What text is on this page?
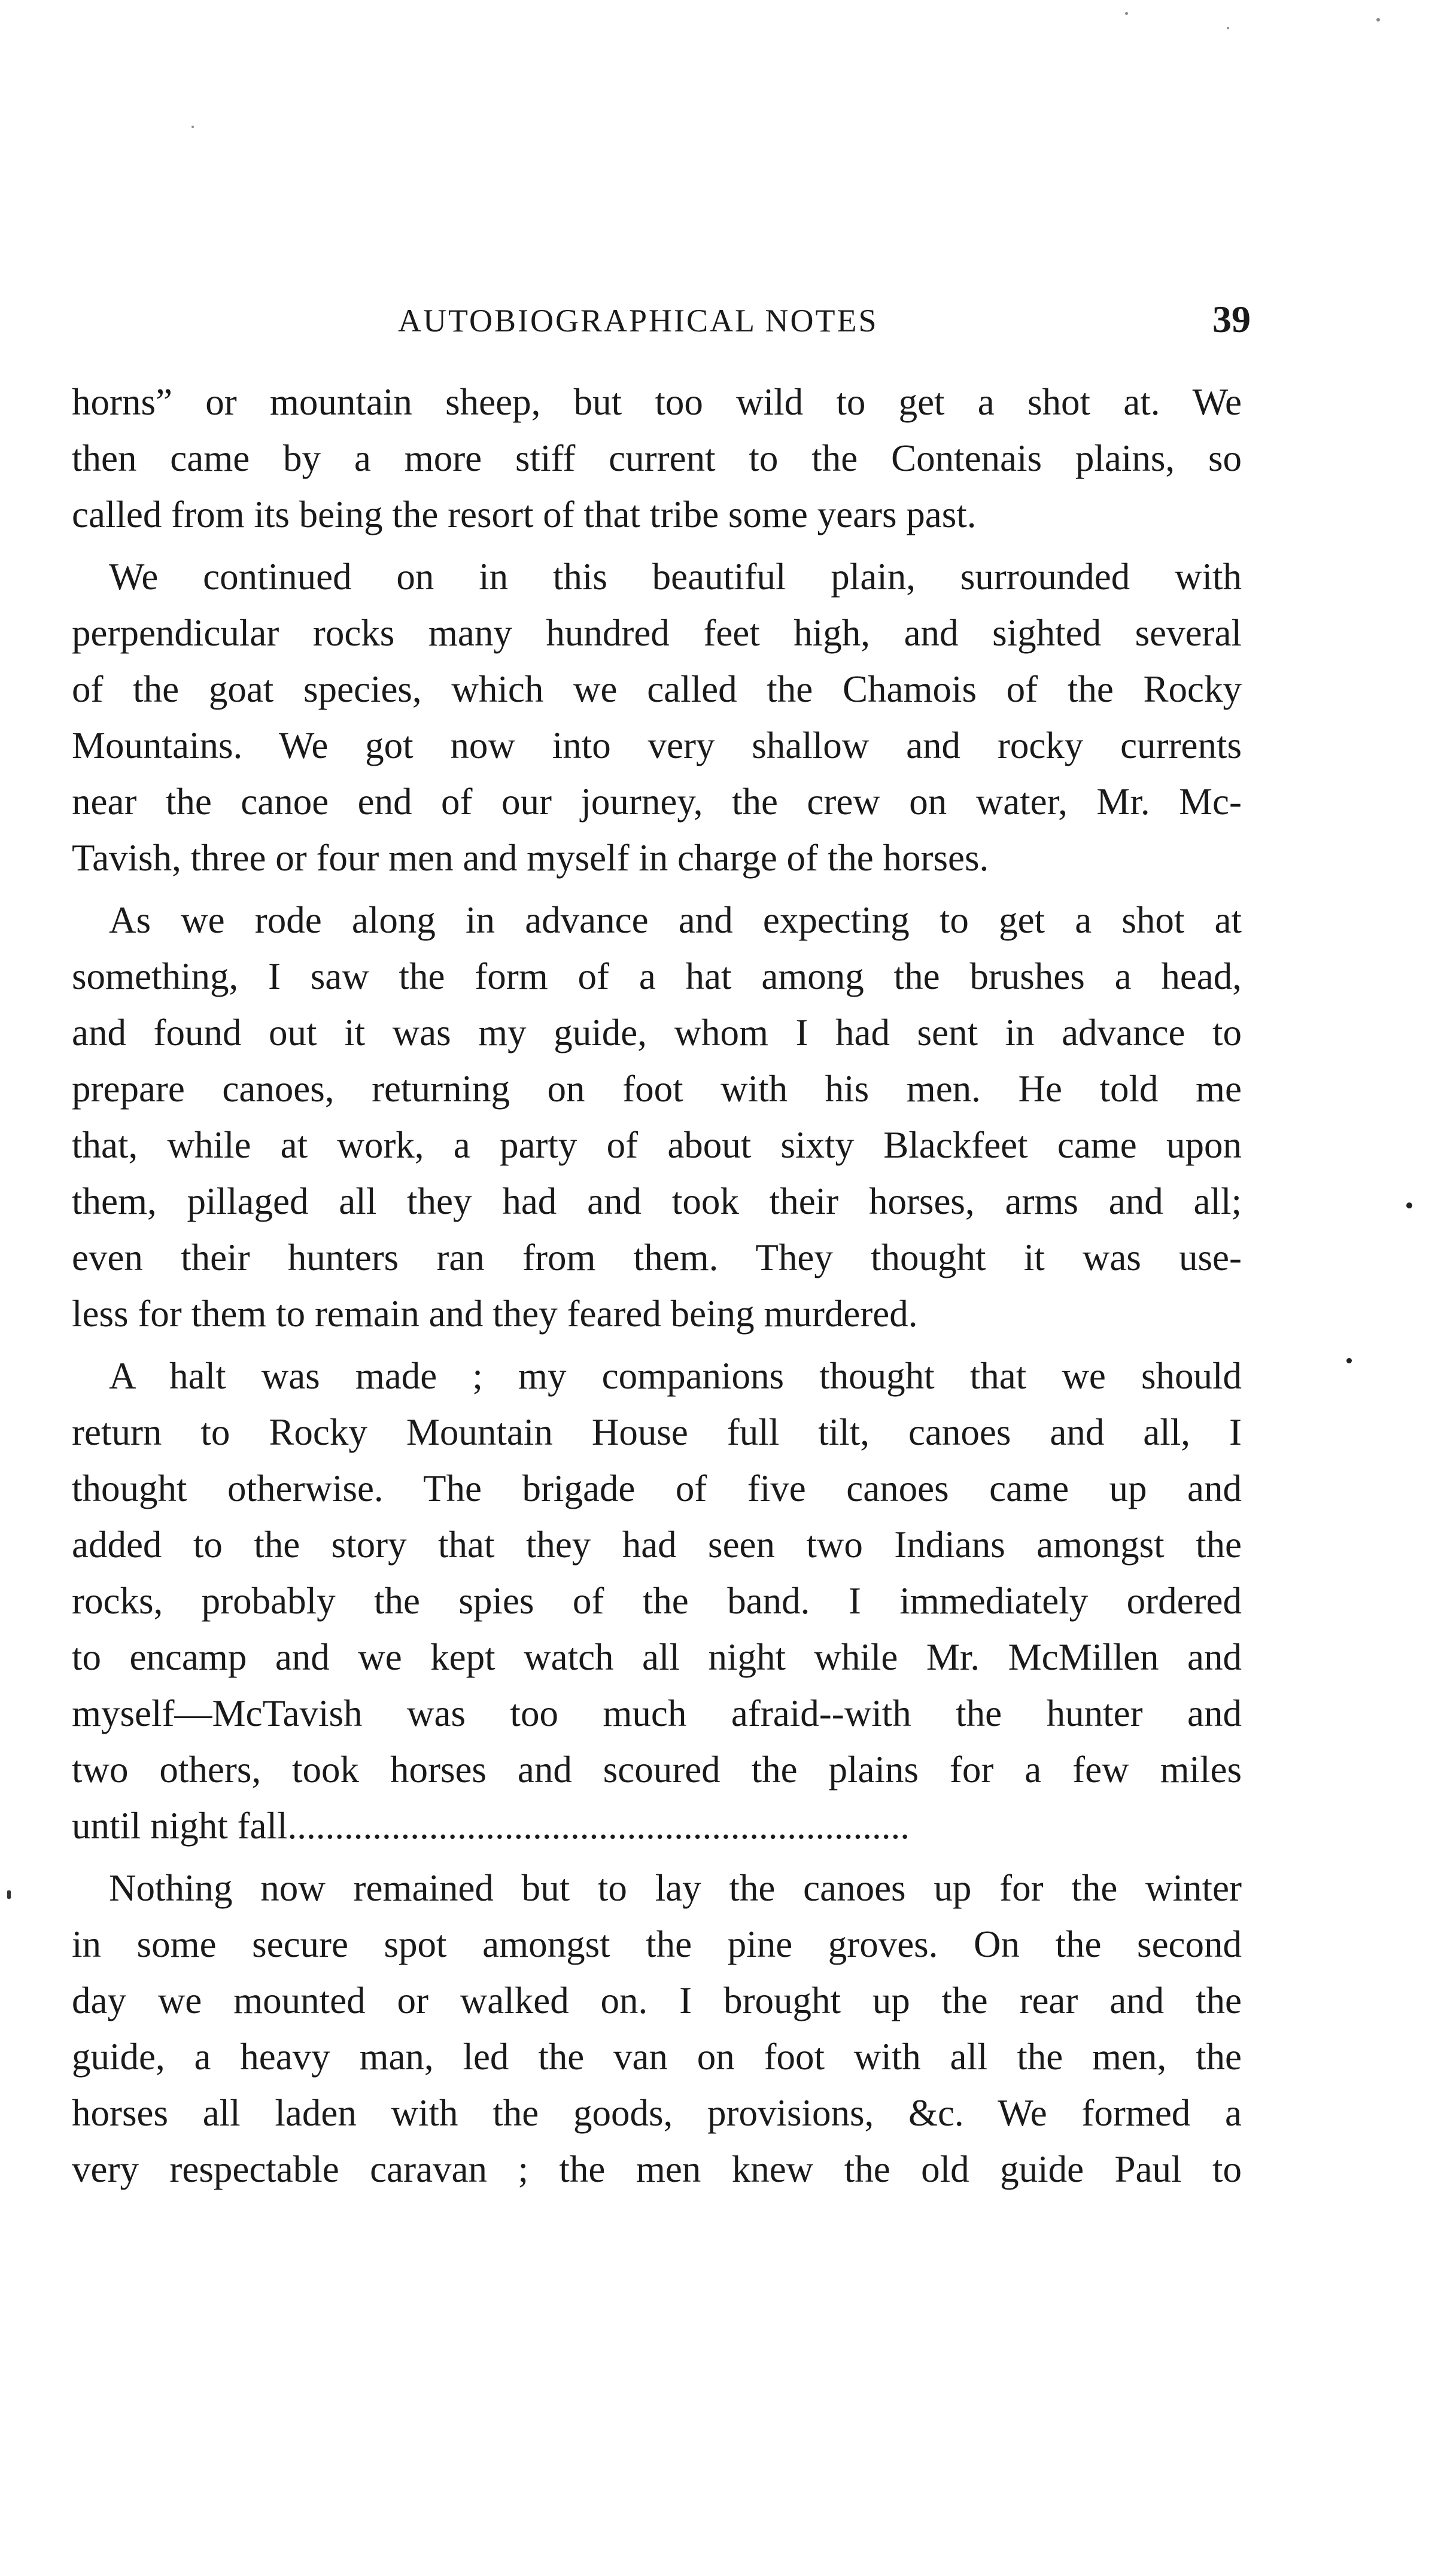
AUTOBIOGRAPHICAL NOTES	39
horns” or mountain sheep, but too wild to get a shot at. We
then came by a more stiff current to the Contenais plains, so
called from its being the resort of that tribe some years past.
We continued on in this beautiful plain, surrounded with
perpendicular rocks many hundred feet high, and sighted several
of the goat species, which we called the Chamois of the Rocky
Mountains. We got now into very shallow and rocky currents
near the canoe end of our journey, the crew on water, Mr. Mc-
Tavish, three or four men and myself in charge of the horses.
As we rode along in advance and expecting to get a shot at
something, I saw the form of a hat among the brushes a head,
and found out it was my guide, whom I had sent in advance to
prepare canoes, returning on foot with his men. He told me
that, while at work, a party of about sixty Blackfeet came upon
them, pillaged all they had and took their horses, arms and all;
even their hunters ran from them. They thought it was use-
less for them to remain and they feared being murdered.
A halt was made ; my companions thought that we should
return to Rocky Mountain House full tilt, canoes and all, I
thought otherwise. The brigade of five canoes came up and
added to the story that they had seen two Indians amongst the
rocks, probably the spies of the band. I immediately ordered
to encamp and we kept watch all night while Mr. McMillen and
myself—McTavish was too much afraid--with the hunter and
two others, took horses and scoured the plains for a few miles
until night fall..................................................................
Nothing now remained but to lay the canoes up for the winter
in some secure spot amongst the pine groves. On the second
day we mounted or walked on. I brought up the rear and the
guide, a heavy man, led the van on foot with all the men, the
horses all laden with the goods, provisions, &c. We formed a
very respectable caravan ; the men knew the old guide Paul to
